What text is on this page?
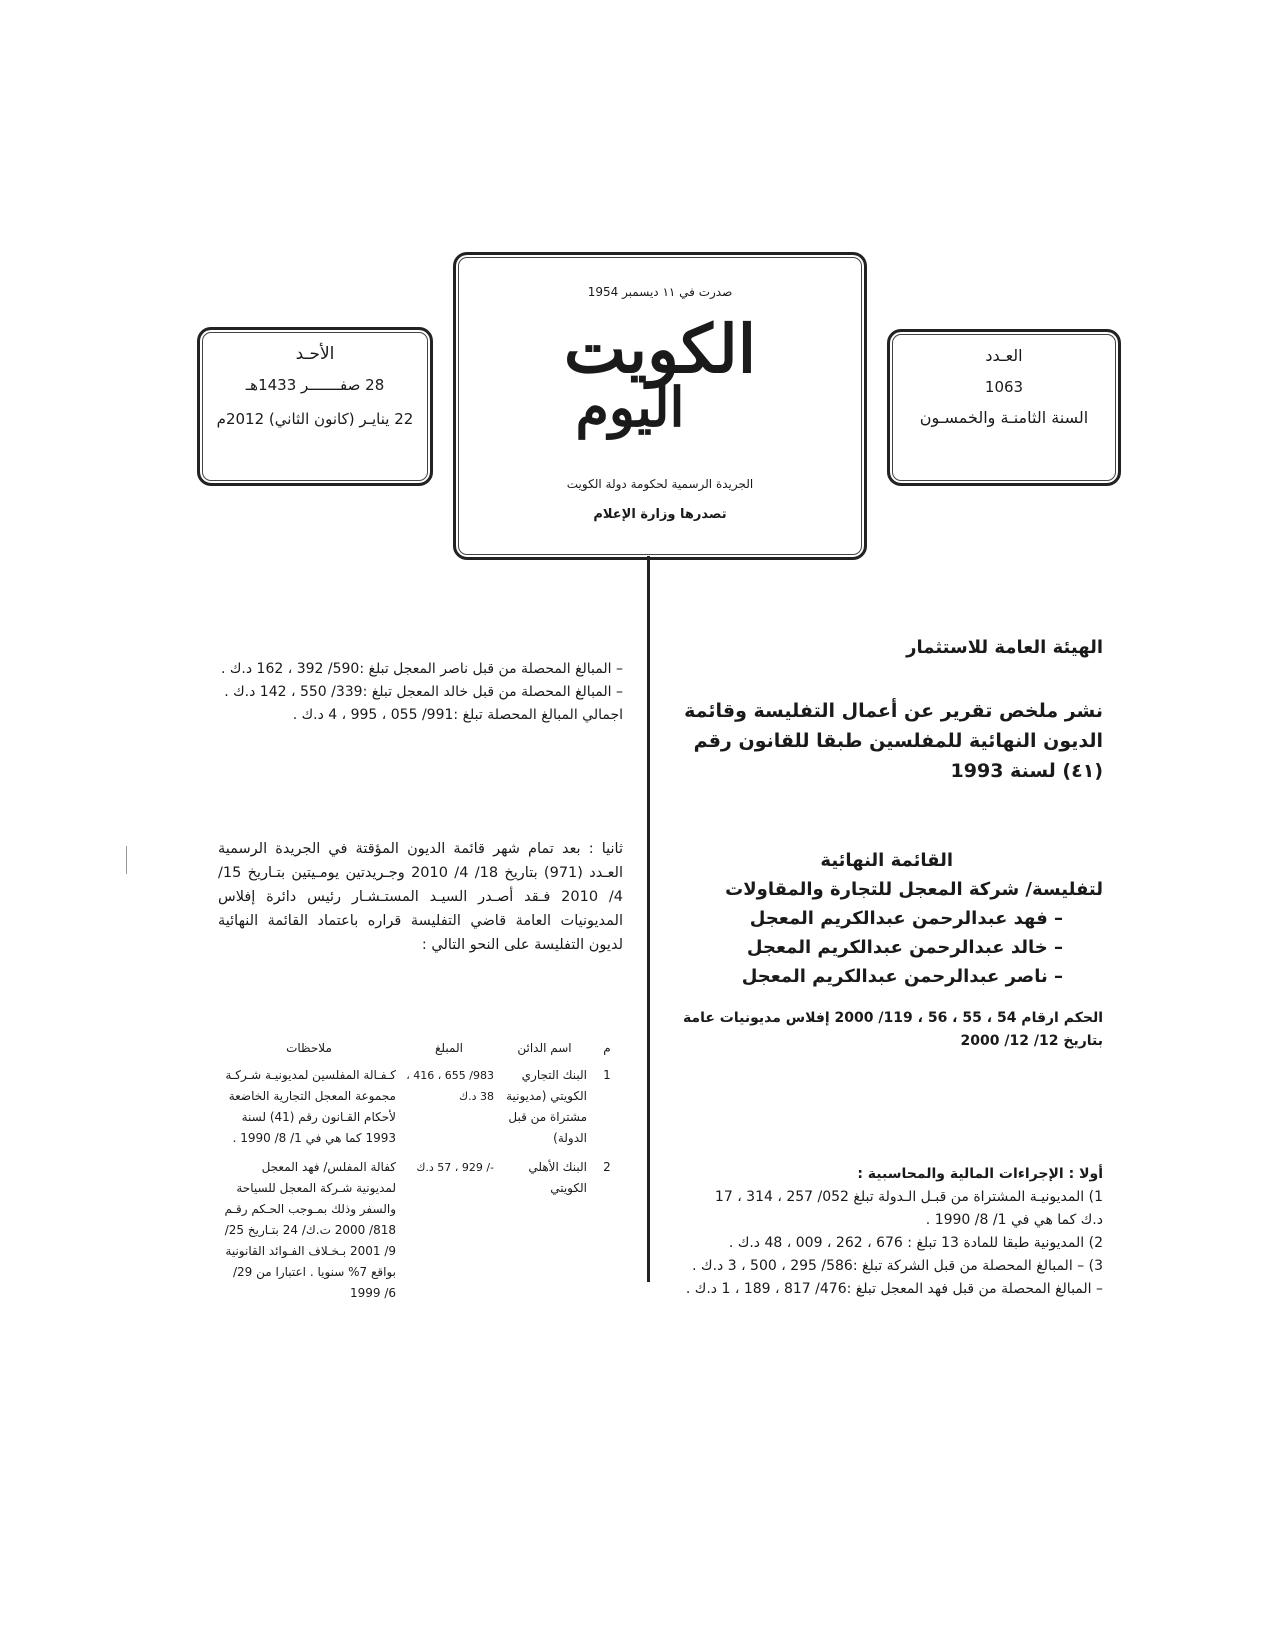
صدرت في ١١ ديسمبر 1954
الكويت
اليوم
الجريدة الرسمية لحكومة دولة الكويت
تصدرها وزارة الإعلام
الأحـد
28 صفـــــــر 1433هـ
22 ينايـر (كانون الثاني) 2012م
العـدد
1063
السنة الثامنـة والخمسـون
الهيئة العامة للاستثمار
نشر ملخص تقرير عن أعمال التفليسة وقائمة
الديون النهائية للمفلسين طبقا للقانون رقم (٤١) لسنة 1993
القائمة النهائية
لتفليسة/ شركة المعجل للتجارة والمقاولات
– فهد عبدالرحمن عبدالكريم المعجل
– خالد عبدالرحمن عبدالكريم المعجل
– ناصر عبدالرحمن عبدالكريم المعجل
الحكم ارقام 54 ، 55 ، 56 ، 119/ 2000 إفلاس مديونيات عامة
بتاريخ 12/ 12/ 2000

أولا : الإجراءات المالية والمحاسبية :

1) المديونيـة المشتراة من قبـل الـدولة تبلغ 052/ 257 ، 314 ، 17

د.ك كما هي في 1/ 8/ 1990 .

2) المديونية طبقا للمادة 13 تبلغ : 676 ، 262 ، 009 ، 48 د.ك .

3) – المبالغ المحصلة من قبل الشركة تبلغ :586/ 295 ، 500 ، 3 د.ك .

– المبالغ المحصلة من قبل فهد المعجل تبلغ :476/ 817 ، 189 ، 1 د.ك .

– المبالغ المحصلة من قبل ناصر المعجل تبلغ :590/ 392 ، 162 د.ك .

– المبالغ المحصلة من قبل خالد المعجل تبلغ :339/ 550 ، 142 د.ك .

اجمالي المبالغ المحصلة تبلغ :991/ 055 ، 995 ، 4 د.ك .

ثانيا : بعد تمام شهر قائمة الديون المؤقتة في الجريدة الرسمية العـدد (971) بتاريخ 18/ 4/ 2010 وجـريدتين يومـيتين بتـاريخ 15/ 4/ 2010 فـقد أصـدر السيـد المستـشـار رئيس دائرة إفلاس المديونيات العامة قاضي التفليسة قراره باعتماد القائمة النهائية لديون التفليسة على النحو التالي :
م	اسم الدائن	المبلغ	ملاحظات
1	البنك التجاري الكويتي (مديونية مشتراة من قبل الدولة)	983/ 655 ، 416 ، 38 د.ك	كـفـالة المفلسين لمديونيـة شـركـة مجموعة المعجل التجارية الخاضعة لأحكام القـانون رقم (41) لسنة 1993 كما هي في 1/ 8/ 1990 .
2	البنك الأهلي الكويتي	-/ 929 ، 57 د.ك	كفالة المفلس/ فهد المعجل لمديونية شـركة المعجل للسياحة والسفر وذلك بمـوجب الحـكم رقـم 818/ 2000 ت.ك/ 24 بتـاريخ 25/ 9/ 2001 بـخـلاف الفـوائد القانونية بواقع 7% سنويا . اعتبارا من 29/ 6/ 1999
